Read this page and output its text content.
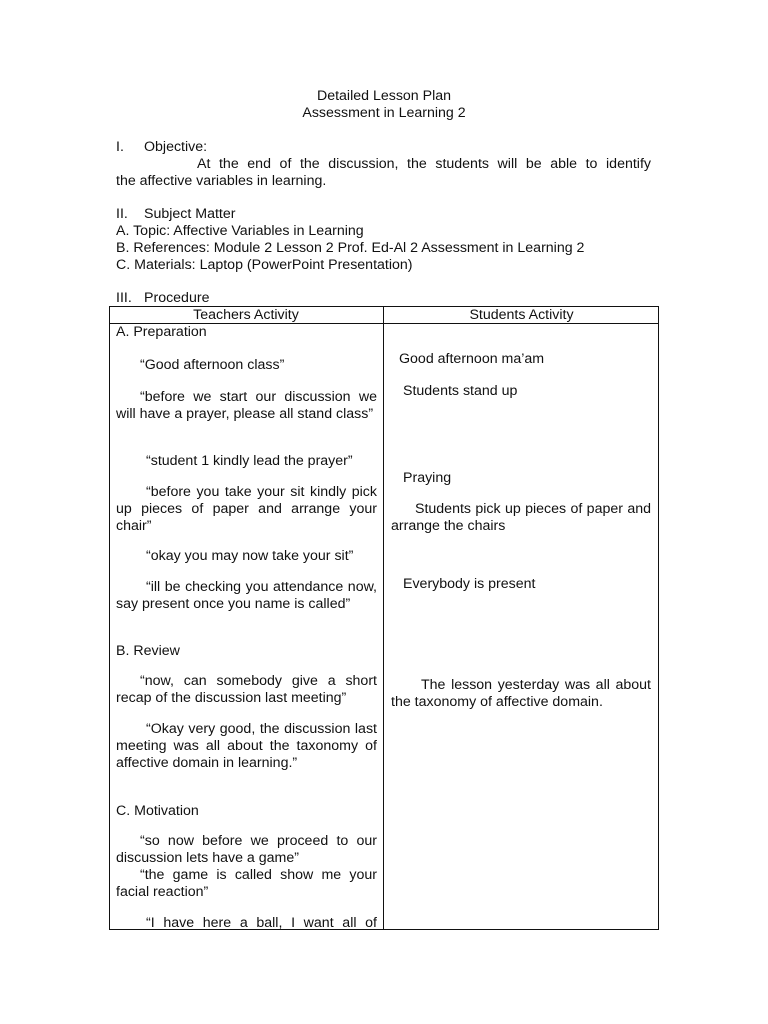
Detailed Lesson Plan
Assessment in Learning 2
I. Objective:
At the end of the discussion, the students will be able to identify
the affective variables in learning.
II. Subject Matter
A. Topic: Affective Variables in Learning
B. References: Module 2 Lesson 2 Prof. Ed-Al 2 Assessment in Learning 2
C. Materials: Laptop (PowerPoint Presentation)
III. Procedure
Teachers Activity	Students Activity
A. Preparation
“Good afternoon class”
“before we start our discussion we will have a prayer, please all stand class”
“student 1 kindly lead the prayer”
“before you take your sit kindly pick up pieces of paper and arrange your chair”
“okay you may now take your sit”
“ill be checking you attendance now, say present once you name is called”
B. Review
“now, can somebody give a short recap of the discussion last meeting”
“Okay very good, the discussion last meeting was all about the taxonomy of affective domain in learning.”
C. Motivation
“so now before we proceed to our discussion lets have a game”
“the game is called show me your facial reaction”
“I have here a ball, I want all of
Good afternoon ma’am
Students stand up
Praying
Students pick up pieces of paper and arrange the chairs
Everybody is present
The lesson yesterday was all about the taxonomy of affective domain.
